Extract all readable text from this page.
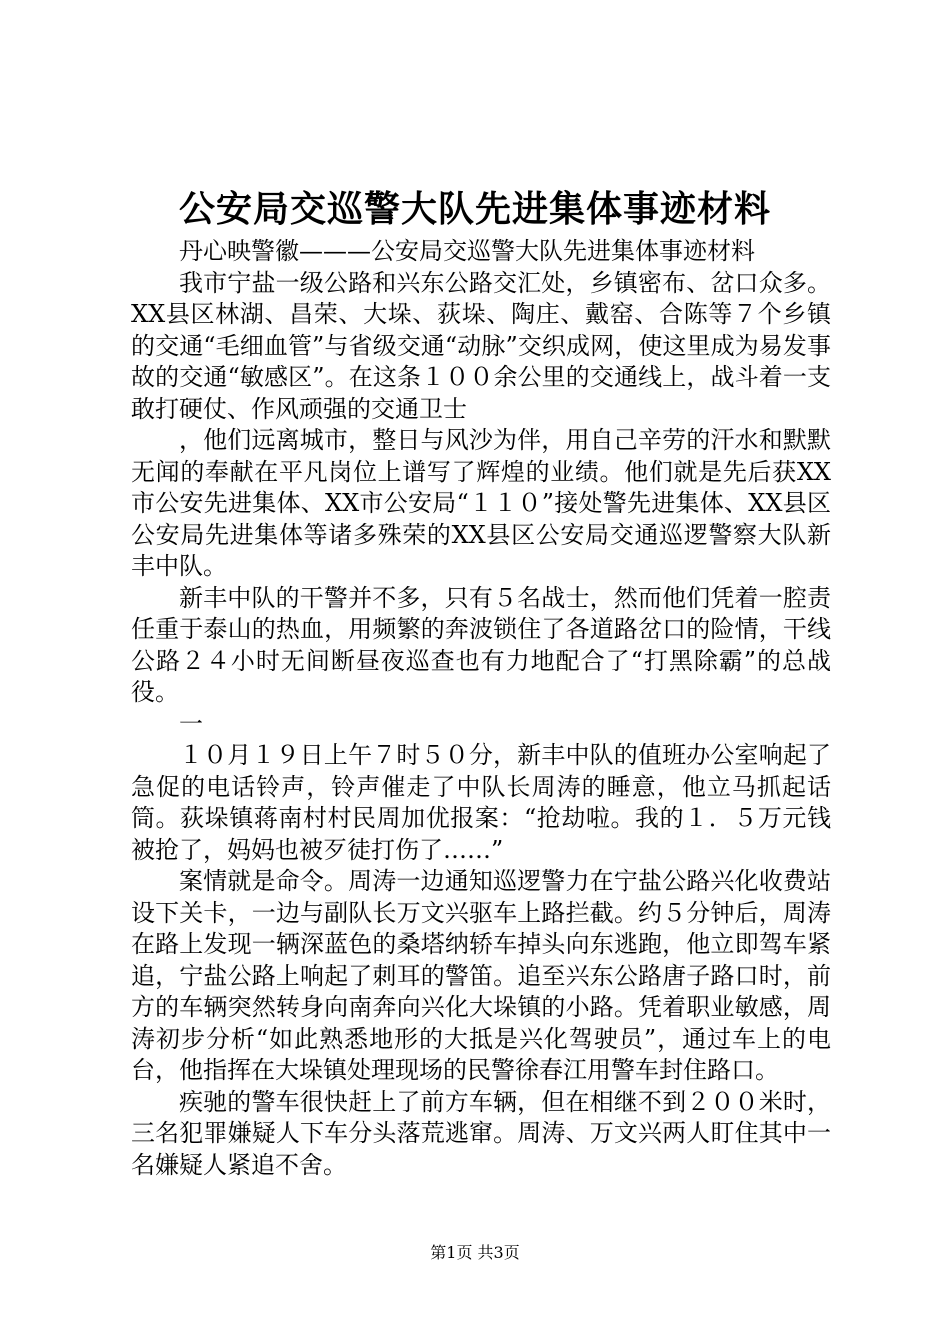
公安局交巡警大队先进集体事迹材料

丹心映警徽———公安局交巡警大队先进集体事迹材料

我市宁盐一级公路和兴东公路交汇处，乡镇密布、岔口众多。XX县区林湖、昌荣、大垛、荻垛、陶庄、戴窑、合陈等７个乡镇的交通“毛细血管”与省级交通“动脉”交织成网，使这里成为易发事故的交通“敏感区”。在这条１００余公里的交通线上，战斗着一支敢打硬仗、作风顽强的交通卫士

，他们远离城市，整日与风沙为伴，用自己辛劳的汗水和默默无闻的奉献在平凡岗位上谱写了辉煌的业绩。他们就是先后获XX市公安先进集体、XX市公安局“１１０”接处警先进集体、XX县区公安局先进集体等诸多殊荣的XX县区公安局交通巡逻警察大队新丰中队。

新丰中队的干警并不多，只有５名战士，然而他们凭着一腔责任重于泰山的热血，用频繁的奔波锁住了各道路岔口的险情，干线公路２４小时无间断昼夜巡查也有力地配合了“打黑除霸”的总战役。

一

１０月１９日上午７时５０分，新丰中队的值班办公室响起了急促的电话铃声，铃声催走了中队长周涛的睡意，他立马抓起话筒。荻垛镇蒋南村村民周加优报案：“抢劫啦。我的１．５万元钱被抢了，妈妈也被歹徒打伤了……”

案情就是命令。周涛一边通知巡逻警力在宁盐公路兴化收费站设下关卡，一边与副队长万文兴驱车上路拦截。约５分钟后，周涛在路上发现一辆深蓝色的桑塔纳轿车掉头向东逃跑，他立即驾车紧追，宁盐公路上响起了刺耳的警笛。追至兴东公路唐子路口时，前方的车辆突然转身向南奔向兴化大垛镇的小路。凭着职业敏感，周涛初步分析“如此熟悉地形的大抵是兴化驾驶员”，通过车上的电台，他指挥在大垛镇处理现场的民警徐春江用警车封住路口。

疾驰的警车很快赶上了前方车辆，但在相继不到２００米时，三名犯罪嫌疑人下车分头落荒逃窜。周涛、万文兴两人盯住其中一名嫌疑人紧追不舍。

第1页 共3页
